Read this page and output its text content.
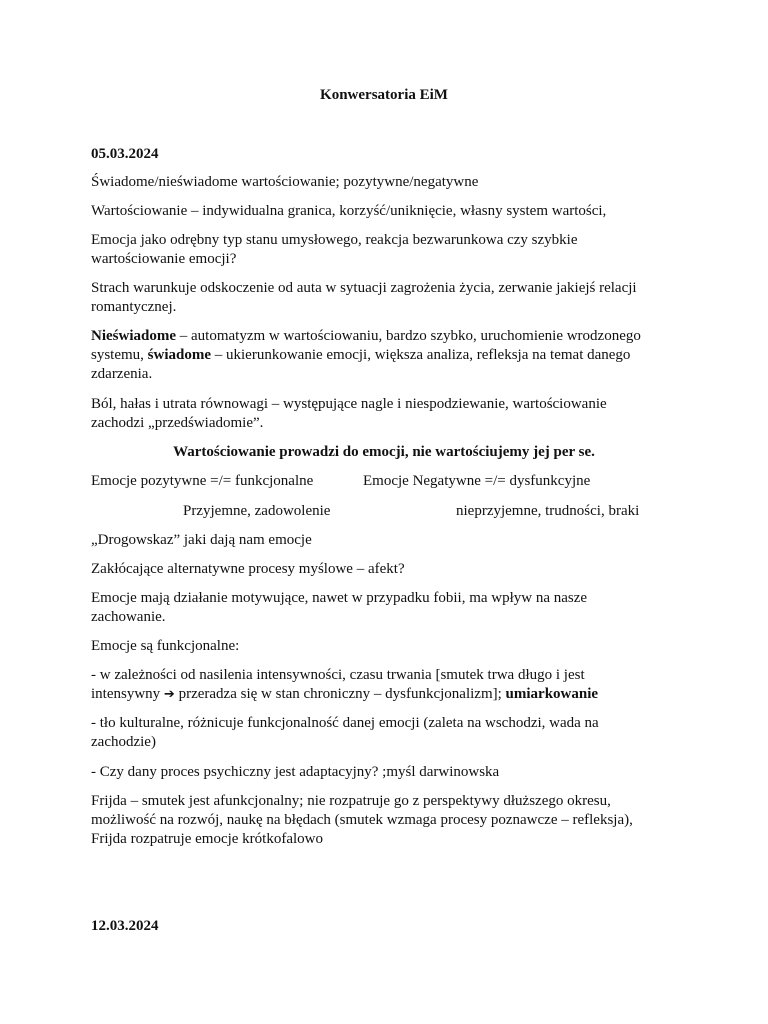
Konwersatoria EiM
05.03.2024

Świadome/nieświadome wartościowanie; pozytywne/negatywne

Wartościowanie – indywidualna granica, korzyść/uniknięcie, własny system wartości,

Emocja jako odrębny typ stanu umysłowego, reakcja bezwarunkowa czy szybkie wartościowanie emocji?

Strach warunkuje odskoczenie od auta w sytuacji zagrożenia życia, zerwanie jakiejś relacji romantycznej.

Nieświadome – automatyzm w wartościowaniu, bardzo szybko, uruchomienie wrodzonego systemu, świadome – ukierunkowanie emocji, większa analiza, refleksja na temat danego zdarzenia.

Ból, hałas i utrata równowagi – występujące nagle i niespodziewanie, wartościowanie zachodzi „przedświadomie”.

Wartościowanie prowadzi do emocji, nie wartościujemy jej per se.
Emocje pozytywne =/= funkcjonalne	Emocje Negatywne =/= dysfunkcyjne
Przyjemne, zadowolenie	nieprzyjemne, trudności, braki

„Drogowskaz” jaki dają nam emocje

Zakłócające alternatywne procesy myślowe – afekt?

Emocje mają działanie motywujące, nawet w przypadku fobii, ma wpływ na nasze zachowanie.

Emocje są funkcjonalne:

- w zależności od nasilenia intensywności, czasu trwania [smutek trwa długo i jest intensywny ➔ przeradza się w stan chroniczny – dysfunkcjonalizm]; umiarkowanie

- tło kulturalne, różnicuje funkcjonalność danej emocji (zaleta na wschodzi, wada na zachodzie)

- Czy dany proces psychiczny jest adaptacyjny? ;myśl darwinowska

Frijda – smutek jest afunkcjonalny; nie rozpatruje go z perspektywy dłuższego okresu, możliwość na rozwój, naukę na błędach (smutek wzmaga procesy poznawcze – refleksja), Frijda rozpatruje emocje krótkofalowo

12.03.2024
